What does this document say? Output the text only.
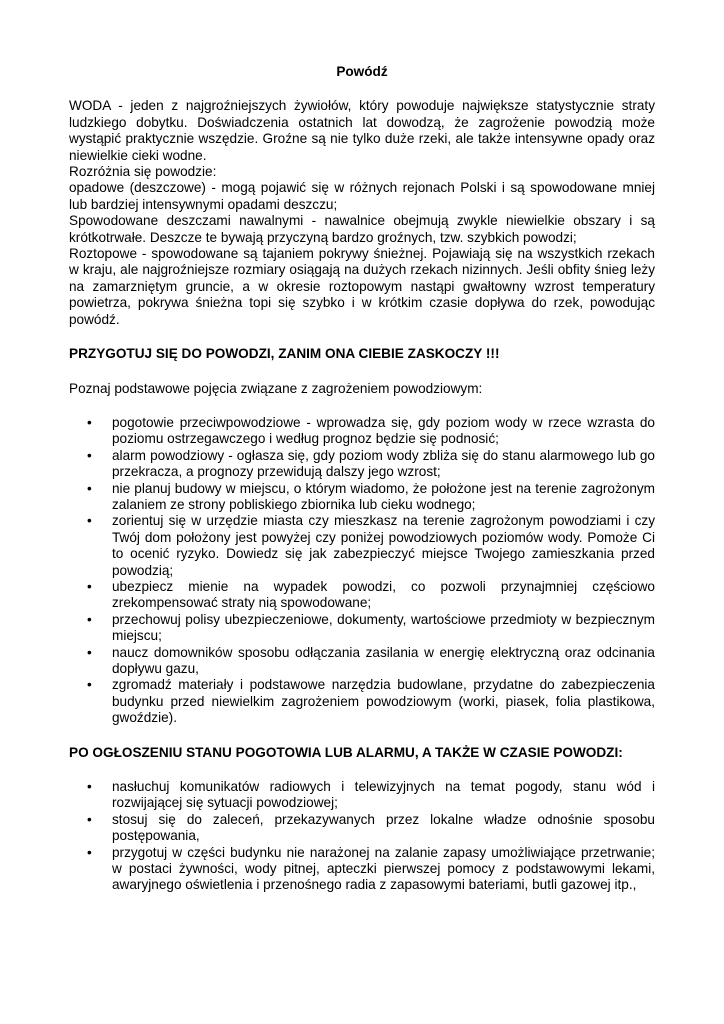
Powódź

WODA - jeden z najgroźniejszych żywiołów, który powoduje największe statystycznie straty ludzkiego dobytku. Doświadczenia ostatnich lat dowodzą, że zagrożenie powodzią może wystąpić praktycznie wszędzie. Groźne są nie tylko duże rzeki, ale także intensywne opady oraz niewielkie cieki wodne.

Rozróżnia się powodzie:

opadowe (deszczowe) - mogą pojawić się w różnych rejonach Polski i są spowodowane mniej lub bardziej intensywnymi opadami deszczu;

Spowodowane deszczami nawalnymi - nawalnice obejmują zwykle niewielkie obszary i są krótkotrwałe. Deszcze te bywają przyczyną bardzo groźnych, tzw. szybkich powodzi;

Roztopowe - spowodowane są tajaniem pokrywy śnieżnej. Pojawiają się na wszystkich rzekach w kraju, ale najgroźniejsze rozmiary osiągają na dużych rzekach nizinnych. Jeśli obfity śnieg leży na zamarzniętym gruncie, a w okresie roztopowym nastąpi gwałtowny wzrost temperatury powietrza, pokrywa śnieżna topi się szybko i w krótkim czasie dopływa do rzek, powodując powódź.

PRZYGOTUJ SIĘ DO POWODZI, ZANIM ONA CIEBIE ZASKOCZY !!!

Poznaj podstawowe pojęcia związane z zagrożeniem powodziowym:

• pogotowie przeciwpowodziowe - wprowadza się, gdy poziom wody w rzece wzrasta do poziomu ostrzegawczego i według prognoz będzie się podnosić;
• alarm powodziowy - ogłasza się, gdy poziom wody zbliża się do stanu alarmowego lub go przekracza, a prognozy przewidują dalszy jego wzrost;
• nie planuj budowy w miejscu, o którym wiadomo, że położone jest na terenie zagrożonym zalaniem ze strony pobliskiego zbiornika lub cieku wodnego;
• zorientuj się w urzędzie miasta czy mieszkasz na terenie zagrożonym powodziami i czy Twój dom położony jest powyżej czy poniżej powodziowych poziomów wody. Pomoże Ci to ocenić ryzyko. Dowiedz się jak zabezpieczyć miejsce Twojego zamieszkania przed powodzią;
• ubezpiecz mienie na wypadek powodzi, co pozwoli przynajmniej częściowo zrekompensować straty nią spowodowane;
• przechowuj polisy ubezpieczeniowe, dokumenty, wartościowe przedmioty w bezpiecznym miejscu;
• naucz domowników sposobu odłączania zasilania w energię elektryczną oraz odcinania dopływu gazu,
• zgromadź materiały i podstawowe narzędzia budowlane, przydatne do zabezpieczenia budynku przed niewielkim zagrożeniem powodziowym (worki, piasek, folia plastikowa, gwoździe).
PO OGŁOSZENIU STANU POGOTOWIA LUB ALARMU, A TAKŻE W CZASIE POWODZI:
• nasłuchuj komunikatów radiowych i telewizyjnych na temat pogody, stanu wód i rozwijającej się sytuacji powodziowej;
• stosuj się do zaleceń, przekazywanych przez lokalne władze odnośnie sposobu postępowania,
• przygotuj w części budynku nie narażonej na zalanie zapasy umożliwiające przetrwanie; w postaci żywności, wody pitnej, apteczki pierwszej pomocy z podstawowymi lekami, awaryjnego oświetlenia i przenośnego radia z zapasowymi bateriami, butli gazowej itp.,
